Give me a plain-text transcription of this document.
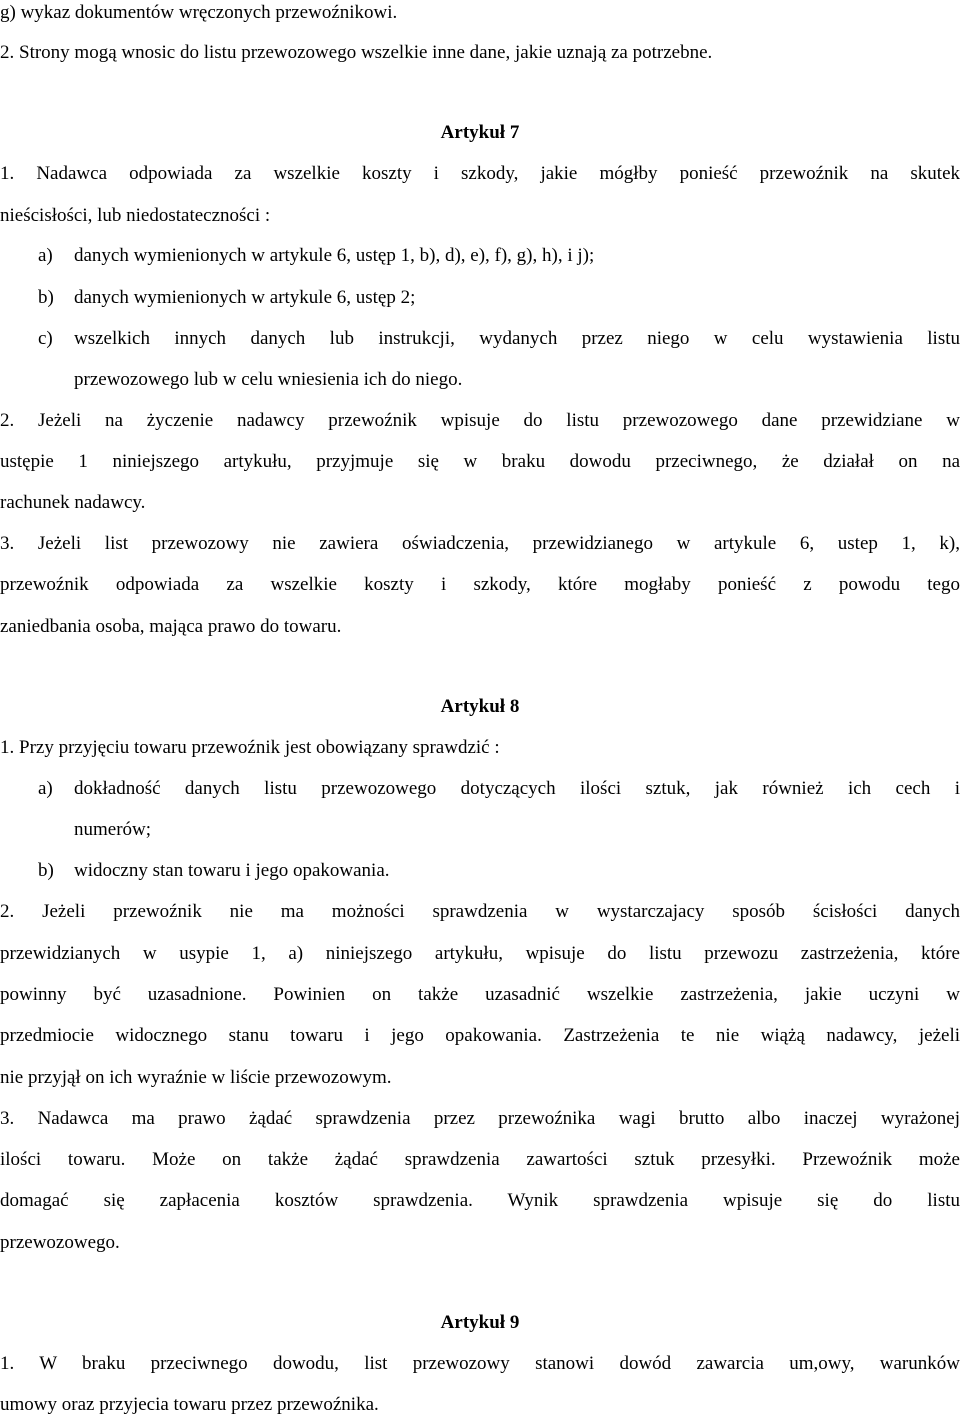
g) wykaz dokumentów wręczonych przewoźnikowi.
2. Strony mogą wnosic do listu przewozowego wszelkie inne dane, jakie uznają za potrzebne.
Artykuł 7
1. Nadawca odpowiada za wszelkie koszty i szkody, jakie mógłby ponieść przewoźnik na skutek
nieścisłości, lub niedostateczności :
a) danych wymienionych w artykule 6, ustęp 1, b), d), e), f), g), h), i j);
b) danych wymienionych w artykule 6, ustęp 2;
c) wszelkich innych danych lub instrukcji, wydanych przez niego w celu wystawienia listu
przewozowego lub w celu wniesienia ich do niego.
2. Jeżeli na życzenie nadawcy przewoźnik wpisuje do listu przewozowego dane przewidziane w
ustępie 1 niniejszego artykułu, przyjmuje się w braku dowodu przeciwnego, że działał on na
rachunek nadawcy.
3. Jeżeli list przewozowy nie zawiera oświadczenia, przewidzianego w artykule 6, ustep 1, k),
przewoźnik odpowiada za wszelkie koszty i szkody, które mogłaby ponieść z powodu tego
zaniedbania osoba, mająca prawo do towaru.
Artykuł 8
1. Przy przyjęciu towaru przewoźnik jest obowiązany sprawdzić :
a) dokładność danych listu przewozowego dotyczących ilości sztuk, jak również ich cech i
numerów;
b) widoczny stan towaru i jego opakowania.
2. Jeżeli przewoźnik nie ma możności sprawdzenia w wystarczajacy sposób ścisłości danych
przewidzianych w usypie 1, a) niniejszego artykułu, wpisuje do listu przewozu zastrzeżenia, które
powinny być uzasadnione. Powinien on także uzasadnić wszelkie zastrzeżenia, jakie uczyni w
przedmiocie widocznego stanu towaru i jego opakowania. Zastrzeżenia te nie wiążą nadawcy, jeżeli
nie przyjął on ich wyraźnie w liście przewozowym.
3. Nadawca ma prawo żądać sprawdzenia przez przewoźnika wagi brutto albo inaczej wyrażonej
ilości towaru. Może on także żądać sprawdzenia zawartości sztuk przesyłki. Przewoźnik może
domagać się zapłacenia kosztów sprawdzenia. Wynik sprawdzenia wpisuje się do listu
przewozowego.
Artykuł 9
1. W braku przeciwnego dowodu, list przewozowy stanowi dowód zawarcia um,owy, warunków
umowy oraz przyjecia towaru przez przewoźnika.
